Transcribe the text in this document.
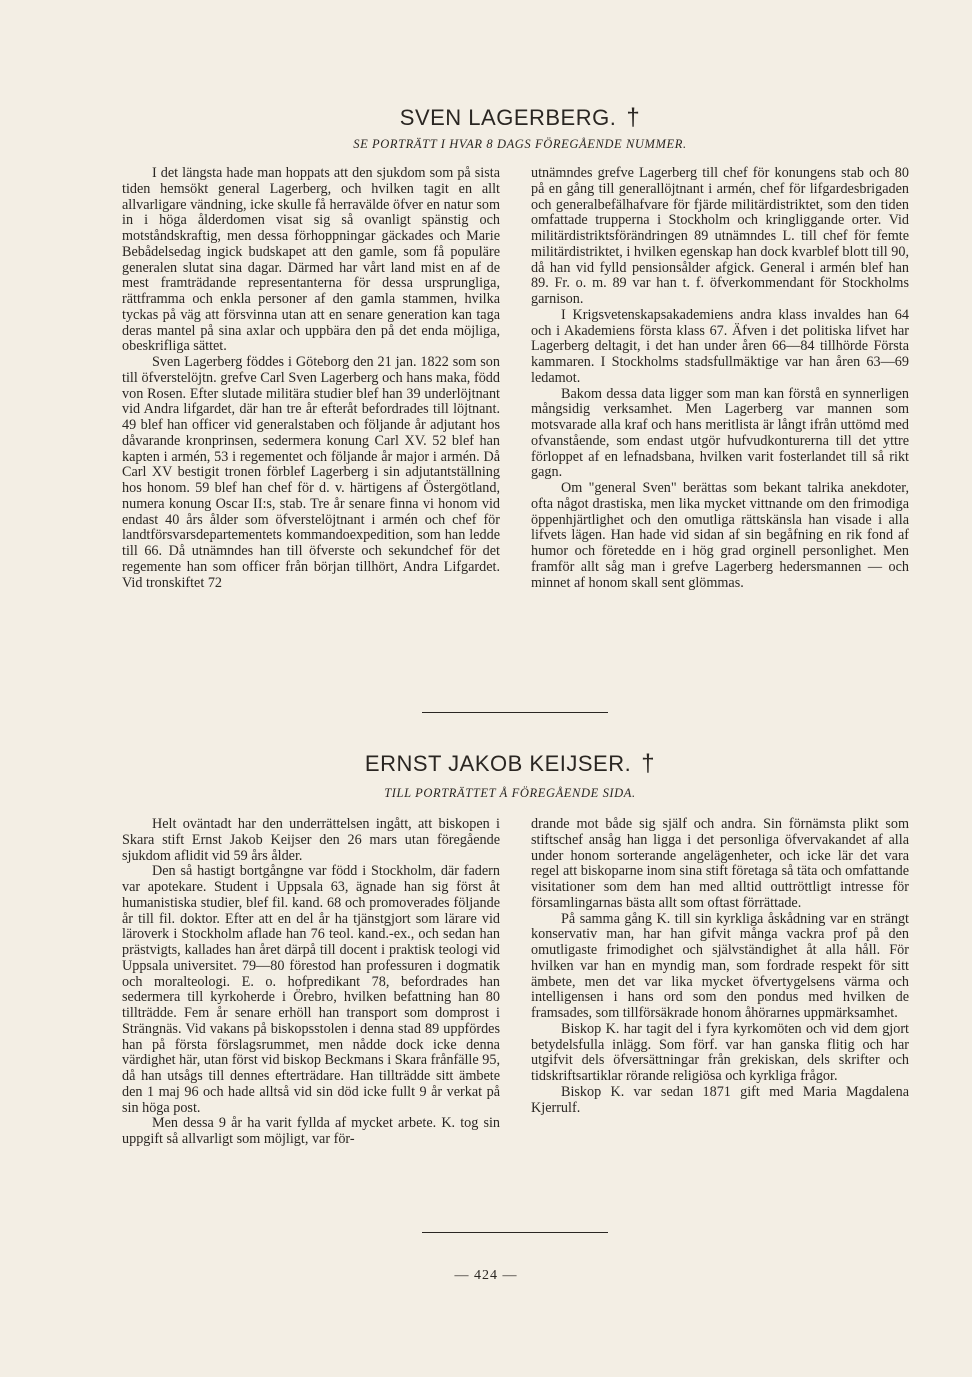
SVEN LAGERBERG. †

SE PORTRÄTT I HVAR 8 DAGS FÖREGÅENDE NUMMER.

I det längsta hade man hoppats att den sjukdom som på sista tiden hemsökt general Lagerberg, och hvilken tagit en allt allvarligare vändning, icke skulle få herravälde öfver en natur som in i höga ålderdomen visat sig så ovanligt spänstig och motståndskraftig, men dessa förhoppningar gäckades och Marie Bebådelsedag ingick budskapet att den gamle, som få populäre generalen slutat sina dagar. Därmed har vårt land mist en af de mest framträdande representanterna för dessa ursprungliga, rättframma och enkla personer af den gamla stammen, hvilka tyckas på väg att försvinna utan att en senare generation kan taga deras mantel på sina axlar och uppbära den på det enda möjliga, obeskrifliga sättet.

Sven Lagerberg föddes i Göteborg den 21 jan. 1822 som son till öfverstelöjtn. grefve Carl Sven Lagerberg och hans maka, född von Rosen. Efter slutade militära studier blef han 39 underlöjtnant vid Andra lifgardet, där han tre år efteråt befordrades till löjtnant. 49 blef han officer vid generalstaben och följande år adjutant hos dåvarande kronprinsen, sedermera konung Carl XV. 52 blef han kapten i armén, 53 i regementet och följande år major i armén. Då Carl XV bestigit tronen förblef Lagerberg i sin adjutantställning hos honom. 59 blef han chef för d. v. härtigens af Östergötland, numera konung Oscar II:s, stab. Tre år senare finna vi honom vid endast 40 års ålder som öfverstelöjtnant i armén och chef för landtförsvarsdepartementets kommandoexpedition, som han ledde till 66. Då utnämndes han till öfverste och sekundchef för det regemente han som officer från början tillhört, Andra Lifgardet. Vid tronskiftet 72

utnämndes grefve Lagerberg till chef för konungens stab och 80 på en gång till generallöjtnant i armén, chef för lifgardesbrigaden och generalbefälhafvare för fjärde militärdistriktet, som den tiden omfattade trupperna i Stockholm och kringliggande orter. Vid militärdistriktsförändringen 89 utnämndes L. till chef för femte militärdistriktet, i hvilken egenskap han dock kvarblef blott till 90, då han vid fylld pensionsålder afgick. General i armén blef han 89. Fr. o. m. 89 var han t. f. öfverkommendant för Stockholms garnison.

I Krigsvetenskapsakademiens andra klass invaldes han 64 och i Akademiens första klass 67. Äfven i det politiska lifvet har Lagerberg deltagit, i det han under åren 66—84 tillhörde Första kammaren. I Stockholms stadsfullmäktige var han åren 63—69 ledamot.

Bakom dessa data ligger som man kan förstå en synnerligen mångsidig verksamhet. Men Lagerberg var mannen som motsvarade alla kraf och hans meritlista är långt ifrån uttömd med ofvanstående, som endast utgör hufvudkonturerna till det yttre förloppet af en lefnadsbana, hvilken varit fosterlandet till så rikt gagn.

Om "general Sven" berättas som bekant talrika anekdoter, ofta något drastiska, men lika mycket vittnande om den frimodiga öppenhjärtlighet och den omutliga rättskänsla han visade i alla lifvets lägen. Han hade vid sidan af sin begåfning en rik fond af humor och företedde en i hög grad orginell personlighet. Men framför allt såg man i grefve Lagerberg hedersmannen — och minnet af honom skall sent glömmas.

ERNST JAKOB KEIJSER. †

TILL PORTRÄTTET Å FÖREGÅENDE SIDA.

Helt oväntadt har den underrättelsen ingått, att biskopen i Skara stift Ernst Jakob Keijser den 26 mars utan föregående sjukdom aflidit vid 59 års ålder.

Den så hastigt bortgångne var född i Stockholm, där fadern var apotekare. Student i Uppsala 63, ägnade han sig först åt humanistiska studier, blef fil. kand. 68 och promoverades följande år till fil. doktor. Efter att en del år ha tjänstgjort som lärare vid läroverk i Stockholm aflade han 76 teol. kand.-ex., och sedan han prästvigts, kallades han året därpå till docent i praktisk teologi vid Uppsala universitet. 79—80 förestod han professuren i dogmatik och moralteologi. E. o. hofpredikant 78, befordrades han sedermera till kyrkoherde i Örebro, hvilken befattning han 80 tillträdde. Fem år senare erhöll han transport som domprost i Strängnäs. Vid vakans på biskopsstolen i denna stad 89 uppfördes han på första förslagsrummet, men nådde dock icke denna värdighet här, utan först vid biskop Beckmans i Skara frånfälle 95, då han utsågs till dennes efterträdare. Han tillträdde sitt ämbete den 1 maj 96 och hade alltså vid sin död icke fullt 9 år verkat på sin höga post.

Men dessa 9 år ha varit fyllda af mycket arbete. K. tog sin uppgift så allvarligt som möjligt, var för-

drande mot både sig själf och andra. Sin förnämsta plikt som stiftschef ansåg han ligga i det personliga öfvervakandet af alla under honom sorterande angelägenheter, och icke lär det vara regel att biskoparne inom sina stift företaga så täta och omfattande visitationer som dem han med alltid outtröttligt intresse för församlingarnas bästa allt som oftast förrättade.

På samma gång K. till sin kyrkliga åskådning var en strängt konservativ man, har han gifvit många vackra prof på den omutligaste frimodighet och självständighet åt alla håll. För hvilken var han en myndig man, som fordrade respekt för sitt ämbete, men det var lika mycket öfvertygelsens värma och intelligensen i hans ord som den pondus med hvilken de framsades, som tillförsäkrade honom åhörarnes uppmärksamhet.

Biskop K. har tagit del i fyra kyrkomöten och vid dem gjort betydelsfulla inlägg. Som förf. var han ganska flitig och har utgifvit dels öfversättningar från grekiskan, dels skrifter och tidskriftsartiklar rörande religiösa och kyrkliga frågor.

Biskop K. var sedan 1871 gift med Maria Magdalena Kjerrulf.

— 424 —
